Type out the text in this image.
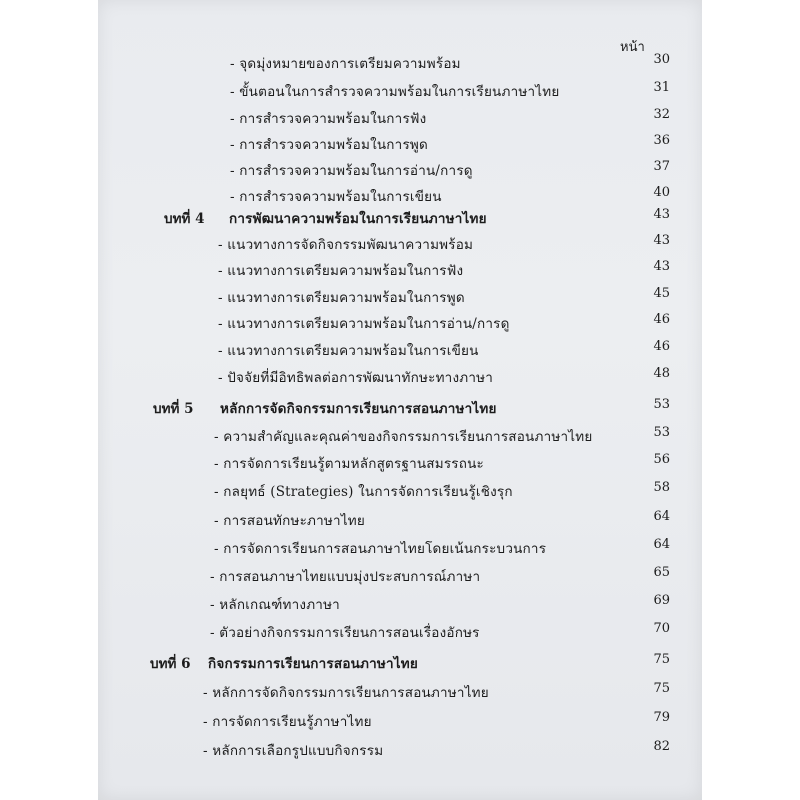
หน้า
- จุดมุ่งหมายของการเตรียมความพร้อม	30
- ขั้นตอนในการสำรวจความพร้อมในการเรียนภาษาไทย	31
- การสำรวจความพร้อมในการฟัง	32
- การสำรวจความพร้อมในการพูด	36
- การสำรวจความพร้อมในการอ่าน/การดู	37
- การสำรวจความพร้อมในการเขียน	40
บทที่ 4 การพัฒนาความพร้อมในการเรียนภาษาไทย	43
- แนวทางการจัดกิจกรรมพัฒนาความพร้อม	43
- แนวทางการเตรียมความพร้อมในการฟัง	43
- แนวทางการเตรียมความพร้อมในการพูด	45
- แนวทางการเตรียมความพร้อมในการอ่าน/การดู	46
- แนวทางการเตรียมความพร้อมในการเขียน	46
- ปัจจัยที่มีอิทธิพลต่อการพัฒนาทักษะทางภาษา	48
บทที่ 5 หลักการจัดกิจกรรมการเรียนการสอนภาษาไทย	53
- ความสำคัญและคุณค่าของกิจกรรมการเรียนการสอนภาษาไทย	53
- การจัดการเรียนรู้ตามหลักสูตรฐานสมรรถนะ	56
- กลยุทธ์ (Strategies) ในการจัดการเรียนรู้เชิงรุก	58
- การสอนทักษะภาษาไทย	64
- การจัดการเรียนการสอนภาษาไทยโดยเน้นกระบวนการ	64
- การสอนภาษาไทยแบบมุ่งประสบการณ์ภาษา	65
- หลักเกณฑ์ทางภาษา	69
- ตัวอย่างกิจกรรมการเรียนการสอนเรื่องอักษร	70
บทที่ 6 กิจกรรมการเรียนการสอนภาษาไทย	75
- หลักการจัดกิจกรรมการเรียนการสอนภาษาไทย	75
- การจัดการเรียนรู้ภาษาไทย	79
- หลักการเลือกรูปแบบกิจกรรม	82
